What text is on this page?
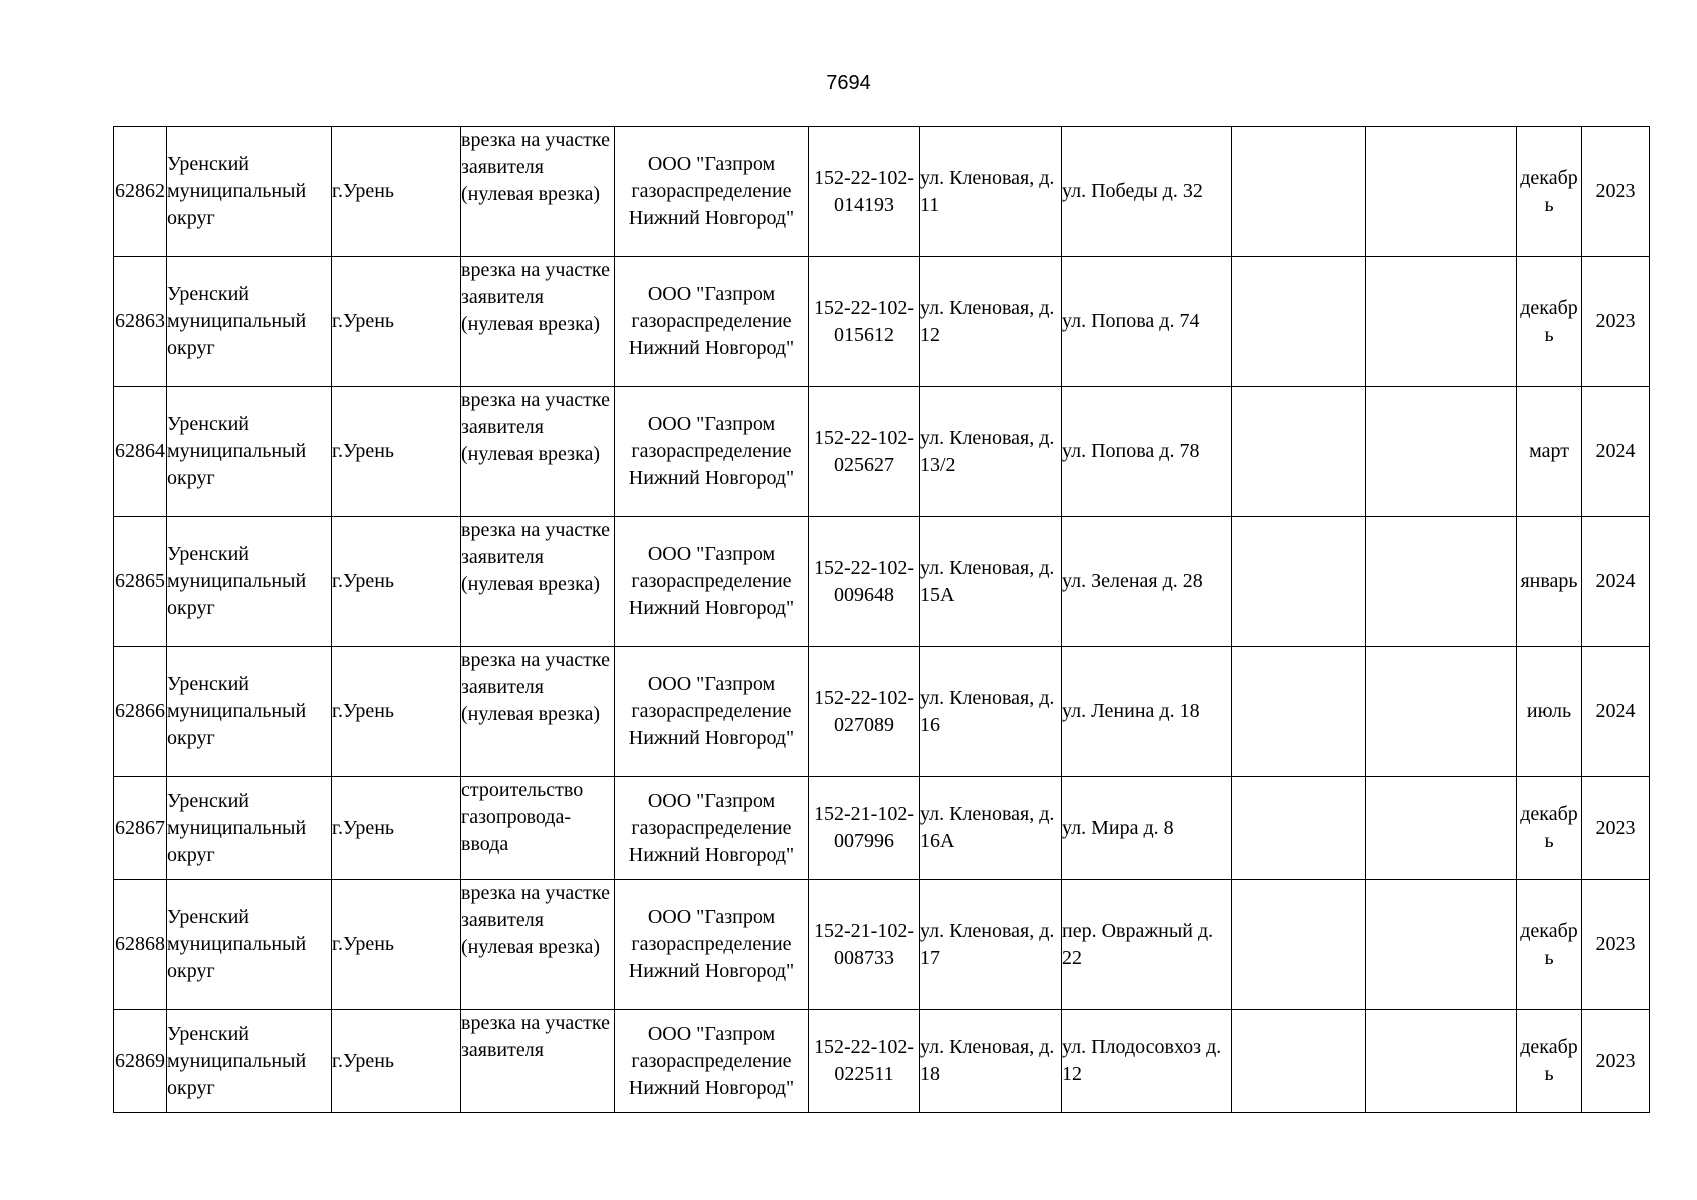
7694
62862	Уренский муниципальный округ	г.Урень	врезка на участке заявителя (нулевая врезка)	ООО "Газпром газораспределение Нижний Новгород"	152-22-102-014193	ул. Кленовая, д. 11	ул. Победы д. 32			декабрь	2023

62863	Уренский муниципальный округ	г.Урень	врезка на участке заявителя (нулевая врезка)	ООО "Газпром газораспределение Нижний Новгород"	152-22-102-015612	ул. Кленовая, д. 12	ул. Попова д. 74			декабрь	2023

62864	Уренский муниципальный округ	г.Урень	врезка на участке заявителя (нулевая врезка)	ООО "Газпром газораспределение Нижний Новгород"	152-22-102-025627	ул. Кленовая, д. 13/2	ул. Попова д. 78			март	2024

62865	Уренский муниципальный округ	г.Урень	врезка на участке заявителя (нулевая врезка)	ООО "Газпром газораспределение Нижний Новгород"	152-22-102-009648	ул. Кленовая, д. 15А	ул. Зеленая д. 28			январь	2024

62866	Уренский муниципальный округ	г.Урень	врезка на участке заявителя (нулевая врезка)	ООО "Газпром газораспределение Нижний Новгород"	152-22-102-027089	ул. Кленовая, д. 16	ул. Ленина д. 18			июль	2024

62867	Уренский муниципальный округ	г.Урень	строительство газопровода-ввода	ООО "Газпром газораспределение Нижний Новгород"	152-21-102-007996	ул. Кленовая, д. 16А	ул. Мира д. 8			декабрь	2023

62868	Уренский муниципальный округ	г.Урень	врезка на участке заявителя (нулевая врезка)	ООО "Газпром газораспределение Нижний Новгород"	152-21-102-008733	ул. Кленовая, д. 17	пер. Овражный д. 22			декабрь	2023

62869	Уренский муниципальный округ	г.Урень	врезка на участке заявителя	ООО "Газпром газораспределение Нижний Новгород"	152-22-102-022511	ул. Кленовая, д. 18	ул. Плодосовхоз д. 12			декабрь	2023
